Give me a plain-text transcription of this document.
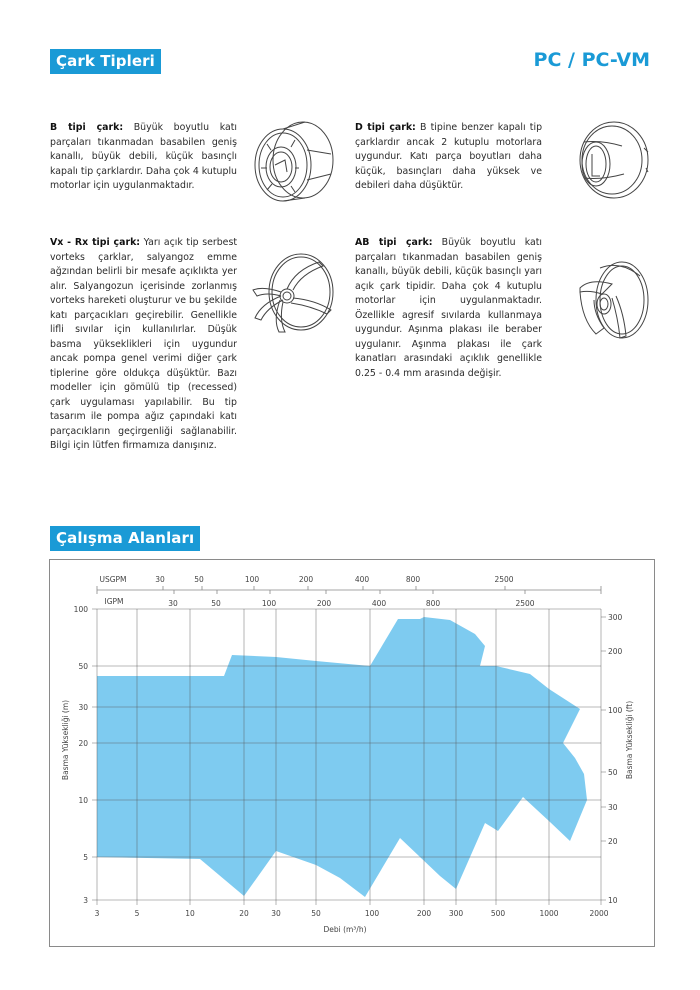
Çark Tipleri	PC / PC-VM
B tipi çark: Büyük boyutlu katı parçaları tıkanmadan basabilen geniş kanallı, büyük debili, küçük basınçlı kapalı tip çarklardır. Daha çok 4 kutuplu motorlar için uygulanmaktadır.
D tipi çark: B tipine benzer kapalı tip çarklardır ancak 2 kutuplu motorlara uygundur. Katı parça boyutları daha küçük, basınçları daha yüksek ve debileri daha düşüktür.
Vx - Rx tipi çark: Yarı açık tip serbest vorteks çarklar, salyangoz emme ağzından belirli bir mesafe açıklıkta yer alır. Salyangozun içerisinde zorlanmış vorteks hareketi oluşturur ve bu şekilde katı parçacıkları geçirebilir. Genellikle lifli sıvılar için kullanılırlar. Düşük basma yükseklikleri için uygundur ancak pompa genel verimi diğer çark tiplerine göre oldukça düşüktür. Bazı modeller için gömülü tip (recessed) çark uygulaması yapılabilir. Bu tip tasarım ile pompa ağız çapındaki katı parçacıkların geçirgenliği sağlanabilir. Bilgi için lütfen firmamıza danışınız.
AB tipi çark: Büyük boyutlu katı parçaları tıkanmadan basabilen geniş kanallı, büyük debili, küçük basınçlı yarı açık çark tipidir. Daha çok 4 kutuplu motorlar için uygulanmaktadır. Özellikle agresif sıvılarda kullanmaya uygundur. Aşınma plakası ile beraber uygulanır. Aşınma plakası ile çark kanatları arasındaki açıklık genellikle 0.25 - 0.4 mm arasında değişir.
Çalışma Alanları
USGPM	30	50	100	200	400	800	2500
IGPM	30	50	100	200	400	800	2500
100
50
30
20
10
5
3
300
200
100
50
30
20
10
3	5	10	20	30	50	100	200 300	500	1000	2000
Debi (m³/h)
Basma Yüksekliği (m)	Basma Yüksekliği (ft)
